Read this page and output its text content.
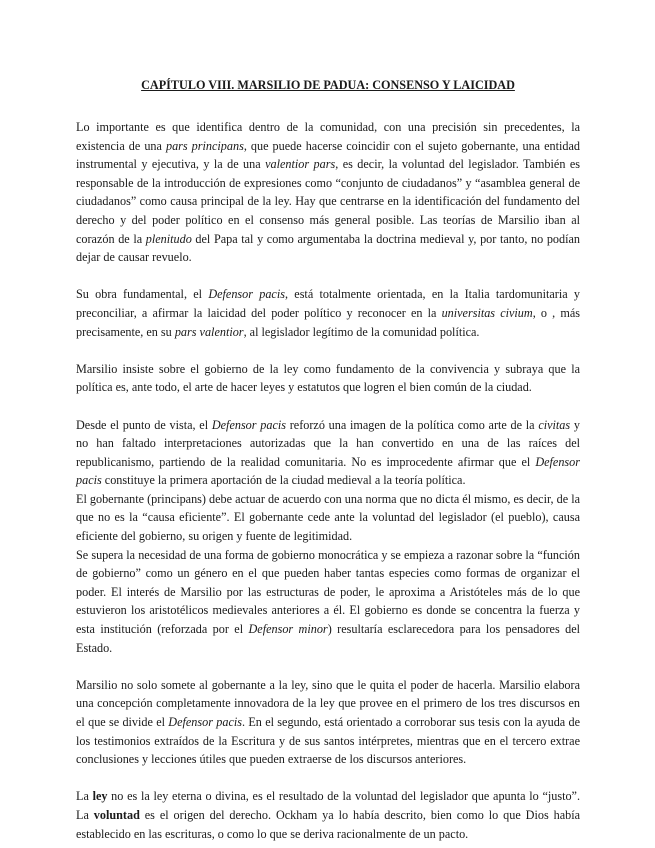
CAPÍTULO VIII. MARSILIO DE PADUA: CONSENSO Y LAICIDAD

Lo importante es que identifica dentro de la comunidad, con una precisión sin precedentes, la existencia de una pars principans, que puede hacerse coincidir con el sujeto gobernante, una entidad instrumental y ejecutiva, y la de una valentior pars, es decir, la voluntad del legislador. También es responsable de la introducción de expresiones como “conjunto de ciudadanos” y “asamblea general de ciudadanos” como causa principal de la ley. Hay que centrarse en la identificación del fundamento del derecho y del poder político en el consenso más general posible. Las teorías de Marsilio iban al corazón de la plenitudo del Papa tal y como argumentaba la doctrina medieval y, por tanto, no podían dejar de causar revuelo.

Su obra fundamental, el Defensor pacis, está totalmente orientada, en la Italia tardomunitaria y preconciliar, a afirmar la laicidad del poder político y reconocer en la universitas civium, o , más precisamente, en su pars valentior, al legislador legítimo de la comunidad política.

Marsilio insiste sobre el gobierno de la ley como fundamento de la convivencia y subraya que la política es, ante todo, el arte de hacer leyes y estatutos que logren el bien común de la ciudad.

Desde el punto de vista, el Defensor pacis reforzó una imagen de la política como arte de la civitas y no han faltado interpretaciones autorizadas que la han convertido en una de las raíces del republicanismo, partiendo de la realidad comunitaria. No es improcedente afirmar que el Defensor pacis constituye la primera aportación de la ciudad medieval a la teoría política.

El gobernante (principans) debe actuar de acuerdo con una norma que no dicta él mismo, es decir, de la que no es la “causa eficiente”. El gobernante cede ante la voluntad del legislador (el pueblo), causa eficiente del gobierno, su origen y fuente de legitimidad.

Se supera la necesidad de una forma de gobierno monocrática y se empieza a razonar sobre la “función de gobierno” como un género en el que pueden haber tantas especies como formas de organizar el poder. El interés de Marsilio por las estructuras de poder, le aproxima a Aristóteles más de lo que estuvieron los aristotélicos medievales anteriores a él. El gobierno es donde se concentra la fuerza y esta institución (reforzada por el Defensor minor) resultaría esclarecedora para los pensadores del Estado.

Marsilio no solo somete al gobernante a la ley, sino que le quita el poder de hacerla. Marsilio elabora una concepción completamente innovadora de la ley que provee en el primero de los tres discursos en el que se divide el Defensor pacis. En el segundo, está orientado a corroborar sus tesis con la ayuda de los testimonios extraídos de la Escritura y de sus santos intérpretes, mientras que en el tercero extrae conclusiones y lecciones útiles que pueden extraerse de los discursos anteriores.

La ley no es la ley eterna o divina, es el resultado de la voluntad del legislador que apunta lo “justo”. La voluntad es el origen del derecho. Ockham ya lo había descrito, bien como lo que Dios había establecido en las escrituras, o como lo que se deriva racionalmente de un pacto.
